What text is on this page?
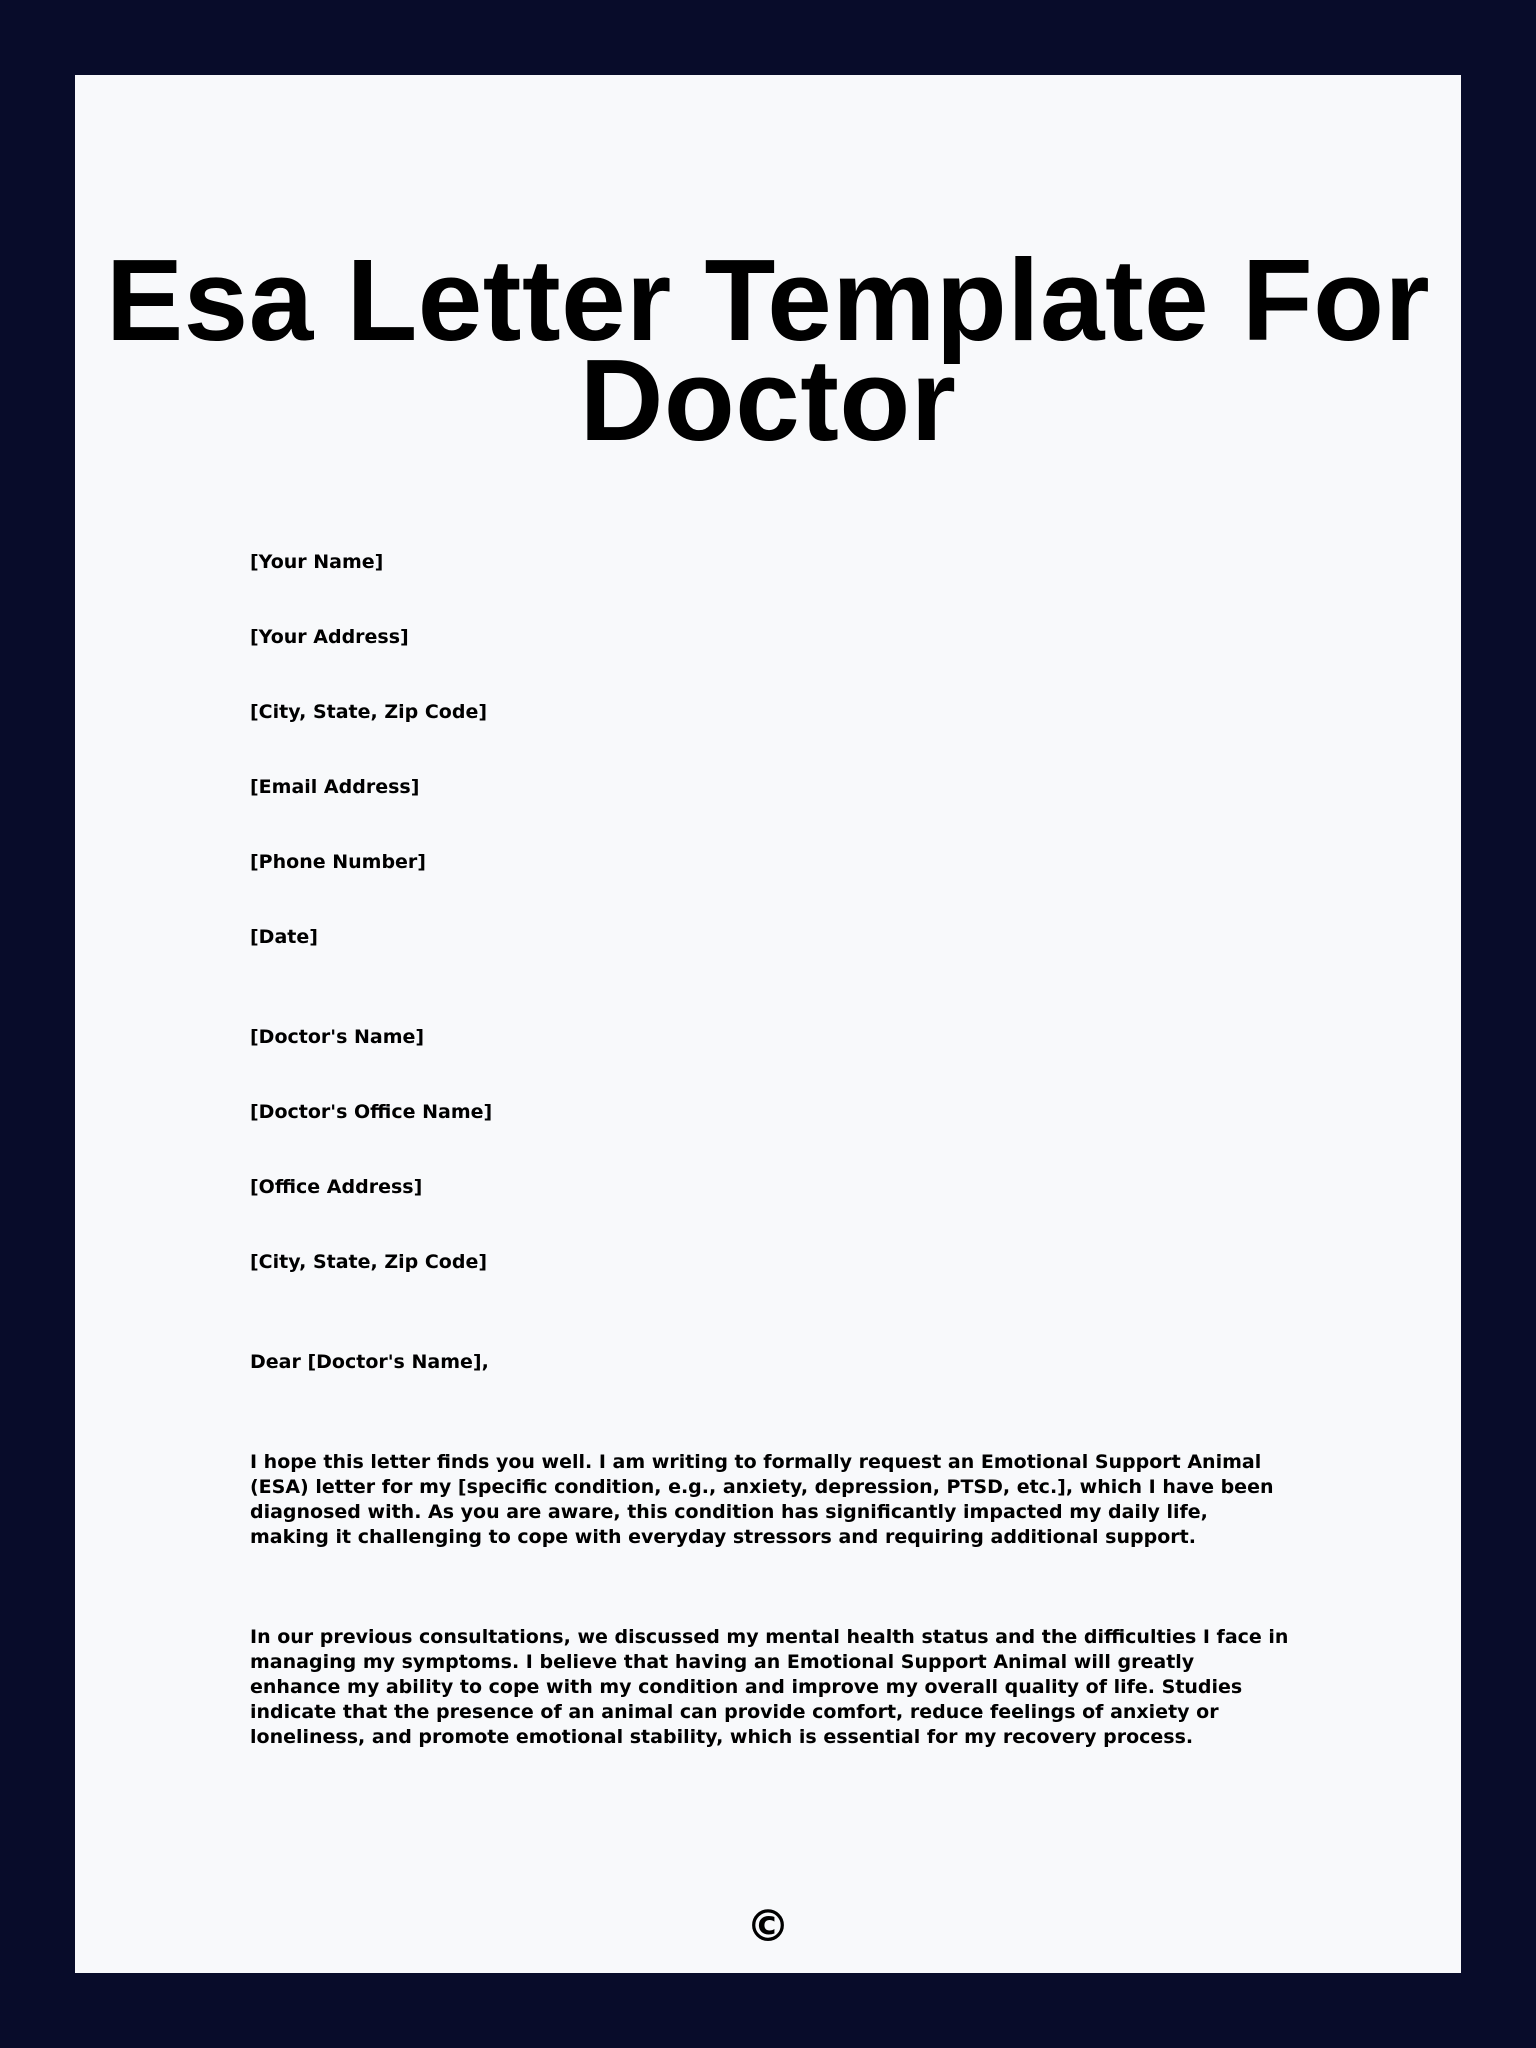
Esa Letter Template For
Doctor

[Your Name]

[Your Address]

[City, State, Zip Code]

[Email Address]

[Phone Number]

[Date]

[Doctor's Name]

[Doctor's Office Name]

[Office Address]

[City, State, Zip Code]

Dear [Doctor's Name],

I hope this letter finds you well. I am writing to formally request an Emotional Support Animal (ESA) letter for my [specific condition, e.g., anxiety, depression, PTSD, etc.], which I have been diagnosed with. As you are aware, this condition has significantly impacted my daily life, making it challenging to cope with everyday stressors and requiring additional support.

In our previous consultations, we discussed my mental health status and the difficulties I face in managing my symptoms. I believe that having an Emotional Support Animal will greatly enhance my ability to cope with my condition and improve my overall quality of life. Studies indicate that the presence of an animal can provide comfort, reduce feelings of anxiety or loneliness, and promote emotional stability, which is essential for my recovery process.

©
